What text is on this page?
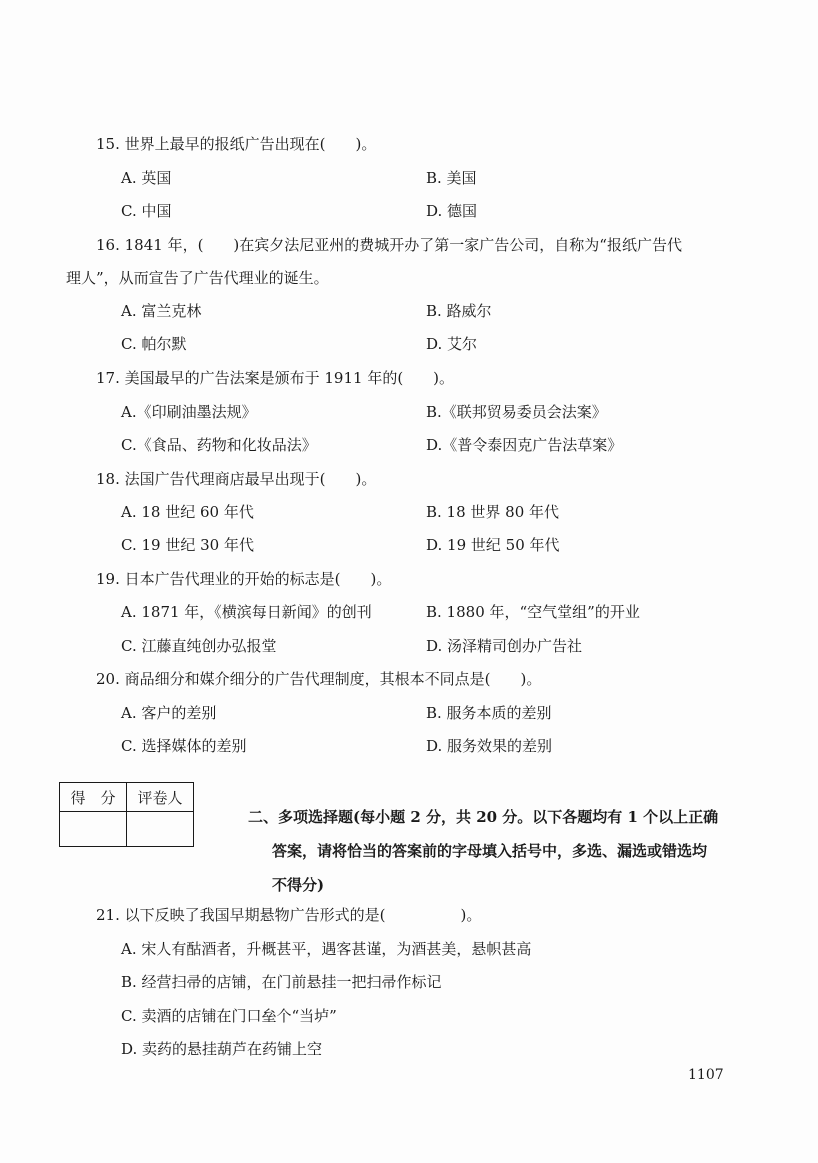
15. 世界上最早的报纸广告出现在(　　)。
A. 英国	B. 美国
C. 中国	D. 德国
16. 1841 年，(　　)在宾夕法尼亚州的费城开办了第一家广告公司，自称为“报纸广告代
理人”，从而宣告了广告代理业的诞生。
A. 富兰克林	B. 路威尔
C. 帕尔默	D. 艾尔
17. 美国最早的广告法案是颁布于 1911 年的(　　)。
A.《印刷油墨法规》	B.《联邦贸易委员会法案》
C.《食品、药物和化妆品法》	D.《普令泰因克广告法草案》
18. 法国广告代理商店最早出现于(　　)。
A. 18 世纪 60 年代	B. 18 世界 80 年代
C. 19 世纪 30 年代	D. 19 世纪 50 年代
19. 日本广告代理业的开始的标志是(　　)。
A. 1871 年，《横滨每日新闻》的创刊	B. 1880 年，“空气堂组”的开业
C. 江藤直纯创办弘报堂	D. 汤泽精司创办广告社
20. 商品细分和媒介细分的广告代理制度，其根本不同点是(　　)。
A. 客户的差别	B. 服务本质的差别
C. 选择媒体的差别	D. 服务效果的差别
得　分	评卷人

二、多项选择题(每小题 2 分，共 20 分。以下各题均有 1 个以上正确
答案，请将恰当的答案前的字母填入括号中，多选、漏选或错选均
不得分)
21. 以下反映了我国早期悬物广告形式的是(　　　　　)。
A. 宋人有酤酒者，升概甚平，遇客甚谨，为酒甚美，悬帜甚高
B. 经营扫帚的店铺，在门前悬挂一把扫帚作标记
C. 卖酒的店铺在门口垒个“当垆”
D. 卖药的悬挂葫芦在药铺上空
1107
